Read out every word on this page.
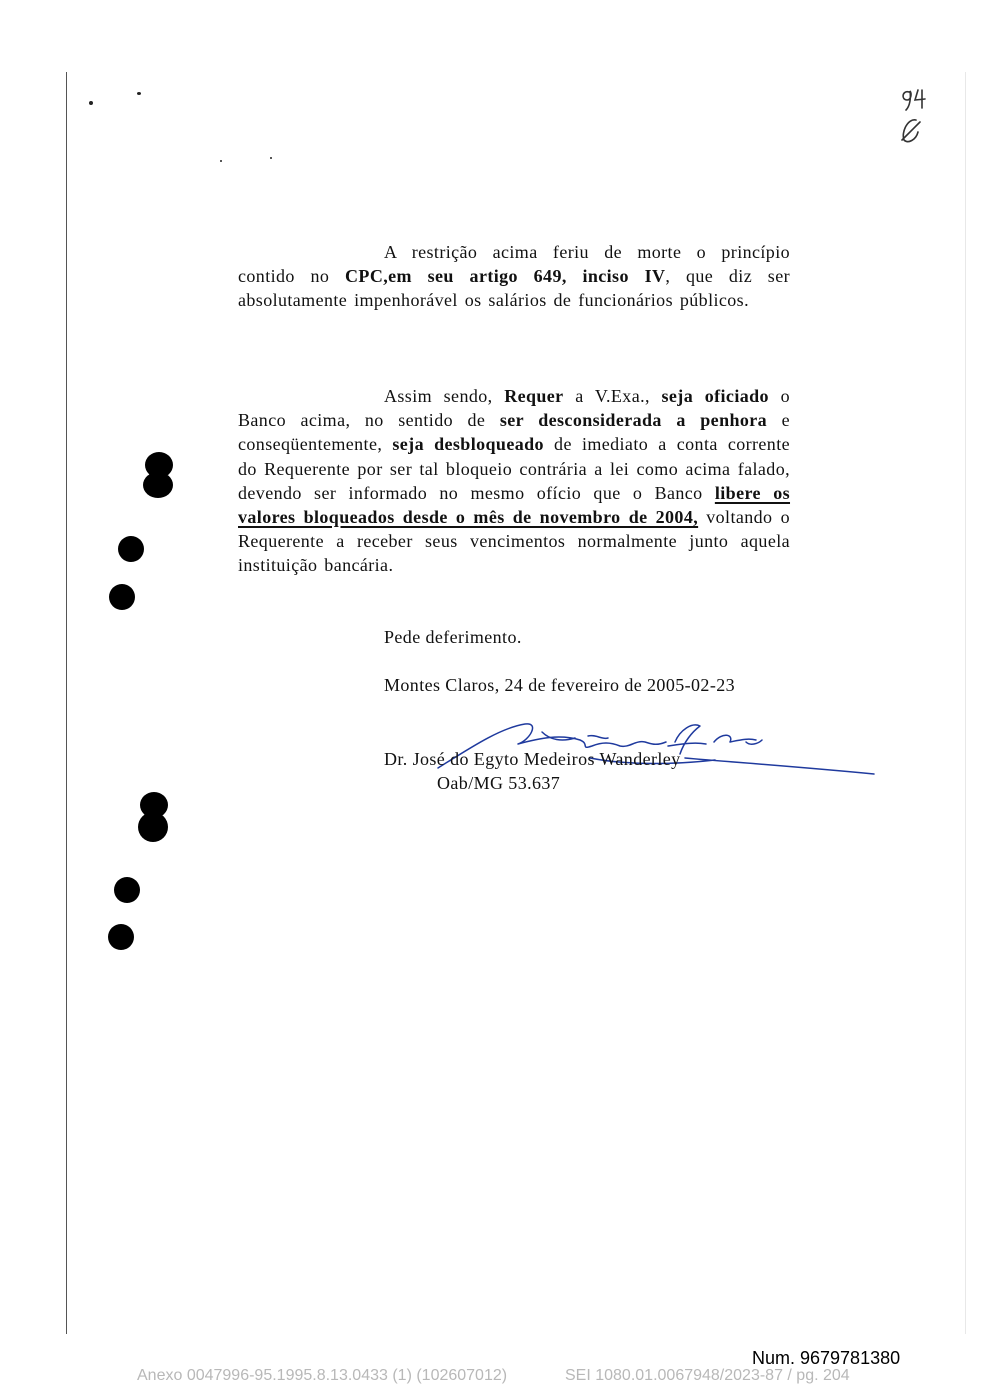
A restrição acima feriu de morte o princípio contido no CPC,em seu artigo 649, inciso IV, que diz ser absolutamente impenhorável os salários de funcionários públicos.
Assim sendo, Requer a V.Exa., seja oficiado o Banco acima, no sentido de ser desconsiderada a penhora e conseqüentemente, seja desbloqueado de imediato a conta corrente do Requerente por ser tal bloqueio contrária a lei como acima falado, devendo ser informado no mesmo ofício que o Banco libere os valores bloqueados desde o mês de novembro de 2004, voltando o Requerente a receber seus vencimentos normalmente junto aquela instituição bancária.
Pede deferimento.
Montes Claros, 24 de fevereiro de 2005-02-23
Dr. José do Egyto Medeiros Wanderley
Oab/MG 53.637
Num. 9679781380
Anexo 0047996-95.1995.8.13.0433 (1) (102607012)	SEI 1080.01.0067948/2023-87 / pg. 204
